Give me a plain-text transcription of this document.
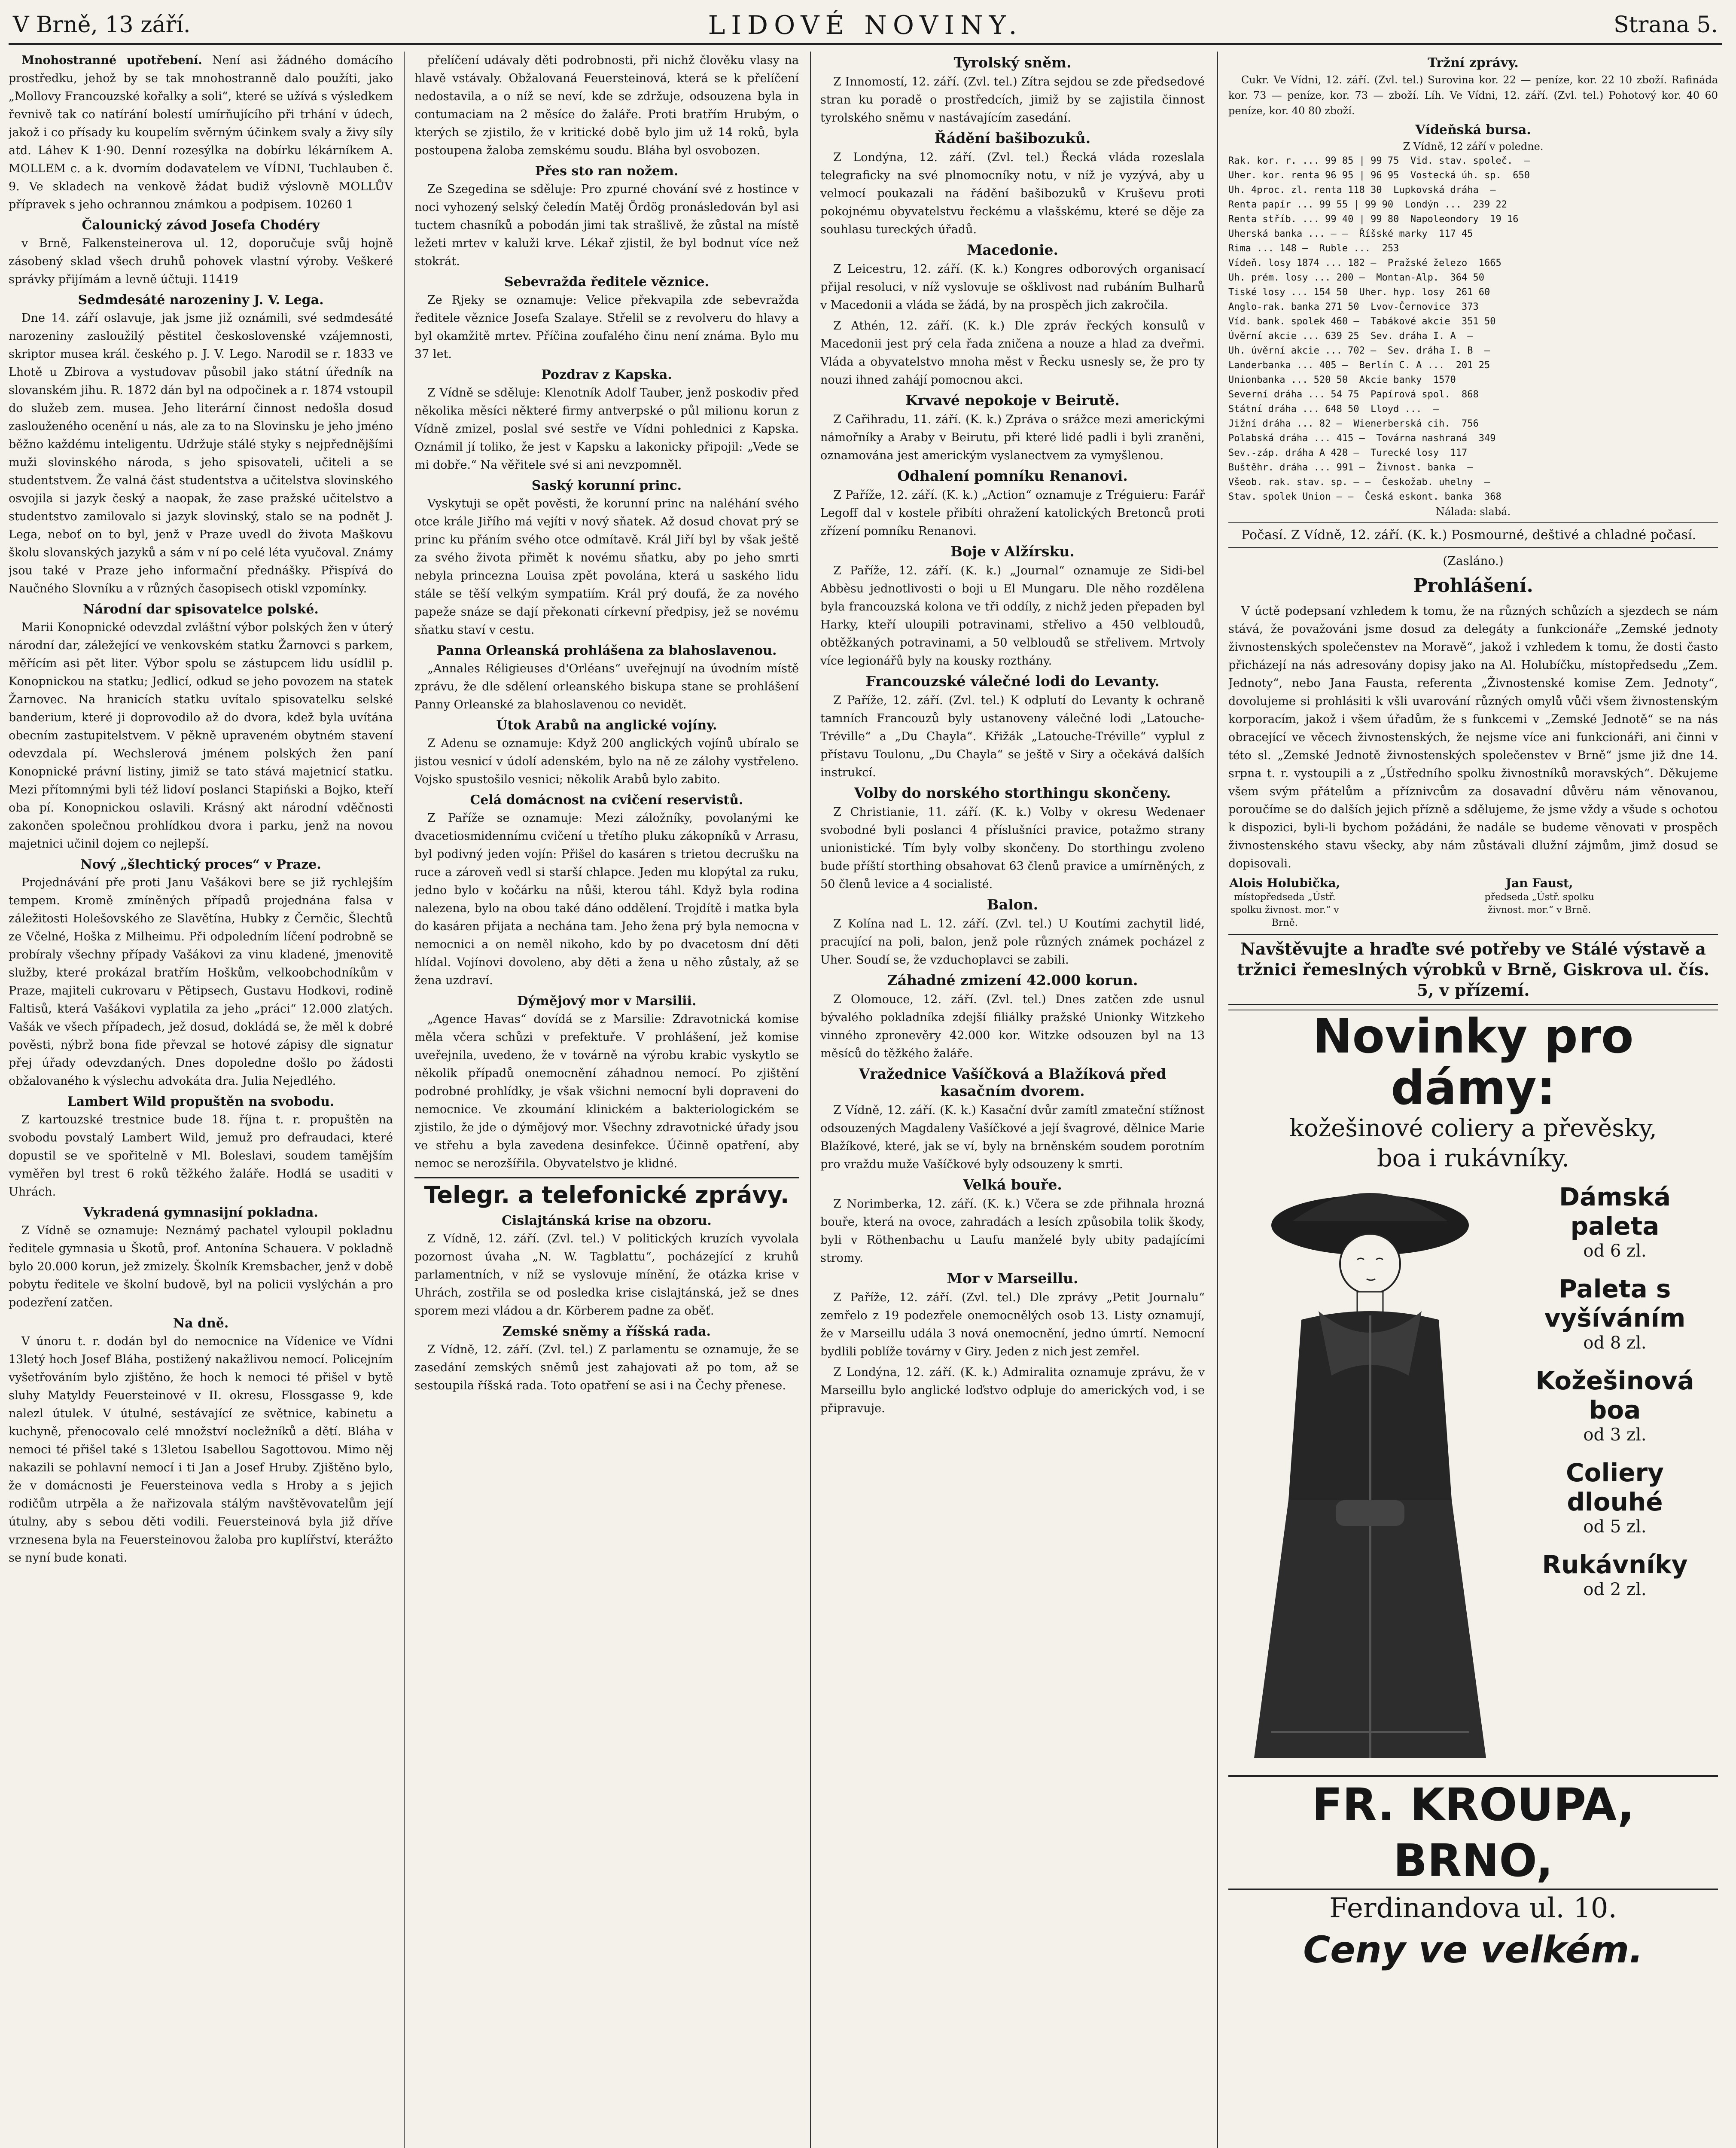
V Brně, 13 září.	LIDOVÉ NOVINY.	Strana 5.

Mnohostranné upotřebení. Není asi žádného domácího prostředku, jehož by se tak mnohostranně dalo použíti, jako „Mollovy Francouzské kořalky a soli“, které se užívá s výsledkem řevnivě tak co natírání bolestí umírňujícího při trhání v údech, jakož i co přísady ku koupelím svěrným účinkem svaly a živy síly atd. Láhev K 1·90. Denní rozesýlka na dobírku lékárníkem A. MOLLEM c. a k. dvorním dodavatelem ve VÍDNI, Tuchlauben č. 9. Ve skladech na venkově žádat budiž výslovně MOLLŮV přípravek s jeho ochrannou známkou a podpisem. 10260 1

Čalounický závod Josefa Chodéry

v Brně, Falkensteinerova ul. 12, doporučuje svůj hojně zásobený sklad všech druhů pohovek vlastní výroby. Veškeré správky přijímám a levně účtuji. 11419

Sedmdesáté narozeniny J. V. Lega.

Dne 14. září oslavuje, jak jsme již oznámili, své sedmdesáté narozeniny zasloužilý pěstitel československé vzájemnosti, skriptor musea král. českého p. J. V. Lego. Narodil se r. 1833 ve Lhotě u Zbirova a vystudovav působil jako státní úředník na slovanském jihu. R. 1872 dán byl na odpočinek a r. 1874 vstoupil do služeb zem. musea. Jeho literární činnost nedošla dosud zaslouženého ocenění u nás, ale za to na Slovinsku je jeho jméno běžno každému inteligentu. Udržuje stálé styky s nejpřednějšími muži slovinského národa, s jeho spisovateli, učiteli a se studentstvem. Že valná část studentstva a učitelstva slovinského osvojila si jazyk český a naopak, že zase pražské učitelstvo a studentstvo zamilovalo si jazyk slovinský, stalo se na podnět J. Lega, neboť on to byl, jenž v Praze uvedl do života Maškovu školu slovanských jazyků a sám v ní po celé léta vyučoval. Známy jsou také v Praze jeho informační přednášky. Přispívá do Naučného Slovníku a v různých časopisech otiskl vzpomínky.

Národní dar spisovatelce polské.

Marii Konopnické odevzdal zvláštní výbor polských žen v úterý národní dar, záležející ve venkovském statku Žarnovci s parkem, měřícím asi pět liter. Výbor spolu se zástupcem lidu usídlil p. Konopnickou na statku; Jedlicí, odkud se jeho povozem na statek Žarnovec. Na hranicích statku uvítalo spisovatelku selské banderium, které ji doprovodilo až do dvora, kdež byla uvítána obecním zastupitelstvem. V pěkně upraveném obytném stavení odevzdala pí. Wechslerová jménem polských žen paní Konopnické právní listiny, jimiž se tato stává majetnicí statku. Mezi přítomnými byli též lidoví poslanci Stapiński a Bojko, kteří oba pí. Konopnickou oslavili. Krásný akt národní vděčnosti zakončen společnou prohlídkou dvora i parku, jenž na novou majetnici učinil dojem co nejlepší.

Nový „šlechtický proces“ v Praze.

Projednávání pře proti Janu Vašákovi bere se již rychlejším tempem. Kromě zmíněných případů projednána falsa v záležitosti Holešovského ze Slavětína, Hubky z Černčic, Šlechtů ze Včelné, Hoška z Milheimu. Při odpoledním líčení podrobně se probíraly všechny případy Vašákovi za vinu kladené, jmenovitě služby, které prokázal bratřím Hoškům, velkoobchodníkům v Praze, majiteli cukrovaru v Pětipsech, Gustavu Hodkovi, rodině Faltisů, která Vašákovi vyplatila za jeho „práci“ 12.000 zlatých. Vašák ve všech případech, jež dosud, dokládá se, že měl k dobré pověsti, nýbrž bona fide převzal se hotové zápisy dle signatur přej úřady odevzdaných. Dnes dopoledne došlo po žádosti obžalovaného k výslechu advokáta dra. Julia Nejedlého.

Lambert Wild propuštěn na svobodu.

Z kartouzské trestnice bude 18. října t. r. propuštěn na svobodu povstalý Lambert Wild, jemuž pro defraudaci, které dopustil se ve spořitelně v Ml. Boleslavi, soudem tamějším vyměřen byl trest 6 roků těžkého žaláře. Hodlá se usaditi v Uhrách.

Vykradená gymnasijní pokladna.

Z Vídně se oznamuje: Neznámý pachatel vyloupil pokladnu ředitele gymnasia u Škotů, prof. Antonína Schauera. V pokladně bylo 20.000 korun, jež zmizely. Školník Kremsbacher, jenž v době pobytu ředitele ve školní budově, byl na policii vyslýchán a pro podezření zatčen.

Na dně.

V únoru t. r. dodán byl do nemocnice na Vídenice ve Vídni 13letý hoch Josef Bláha, postižený nakažlivou nemocí. Policejním vyšetřováním bylo zjištěno, že hoch k nemoci té přišel v bytě sluhy Matyldy Feuersteinové v II. okresu, Flossgasse 9, kde nalezl útulek. V útulné, sestávající ze světnice, kabinetu a kuchyně, přenocovalo celé množství nocležníků a dětí. Bláha v nemoci té přišel také s 13letou Isabellou Sagottovou. Mimo něj nakazili se pohlavní nemocí i ti Jan a Josef Hruby. Zjištěno bylo, že v domácnosti je Feuersteinova vedla s Hroby a s jejich rodičům utrpěla a že nařizovala stálým navštěvovatelům její útulny, aby s sebou děti vodili. Feuersteinová byla již dříve vrznesena byla na Feuersteinovou žaloba pro kuplířství, kterážto se nyní bude konati.

přelíčení udávaly děti podrobnosti, při nichž člověku vlasy na hlavě vstávaly. Obžalovaná Feuersteinová, která se k přelíčení nedostavila, a o níž se neví, kde se zdržuje, odsouzena byla in contumaciam na 2 měsíce do žaláře. Proti bratřím Hrubým, o kterých se zjistilo, že v kritické době bylo jim už 14 roků, byla postoupena žaloba zemskému soudu. Bláha byl osvobozen.

Přes sto ran nožem.

Ze Szegedina se sděluje: Pro zpurné chování své z hostince v noci vyhozený selský čeledín Matěj Ördög pronásledován byl asi tuctem chasníků a pobodán jimi tak strašlivě, že zůstal na místě ležeti mrtev v kaluži krve. Lékař zjistil, že byl bodnut více než stokrát.

Sebevražda ředitele věznice.

Ze Rjeky se oznamuje: Velice překvapila zde sebevražda ředitele věznice Josefa Szalaye. Střelil se z revolveru do hlavy a byl okamžitě mrtev. Příčina zoufalého činu není známa. Bylo mu 37 let.

Pozdrav z Kapska.

Z Vídně se sděluje: Klenotník Adolf Tauber, jenž poskodiv před několika měsíci některé firmy antverpské o půl milionu korun z Vídně zmizel, poslal své sestře ve Vídni pohlednici z Kapska. Oznámil jí toliko, že jest v Kapsku a lakonicky připojil: „Vede se mi dobře.“ Na věřitele své si ani nevzpomněl.

Saský korunní princ.

Vyskytuji se opět pověsti, že korunní princ na naléhání svého otce krále Jiřího má vejíti v nový sňatek. Až dosud chovat prý se princ ku přáním svého otce odmítavě. Král Jiří byl by však ještě za svého života přimět k novému sňatku, aby po jeho smrti nebyla princezna Louisa zpět povolána, která u saského lidu stále se těší velkým sympatiím. Král prý doufá, že za nového papeže snáze se dají překonati církevní předpisy, jež se novému sňatku staví v cestu.

Panna Orleanská prohlášena za blahoslavenou.

„Annales Réligieuses d'Orléans“ uveřejnují na úvodním místě zprávu, že dle sdělení orleanského biskupa stane se prohlášení Panny Orleanské za blahoslavenou co nevidět.

Útok Arabů na anglické vojíny.

Z Adenu se oznamuje: Když 200 anglických vojínů ubíralo se jistou vesnicí v údolí adenském, bylo na ně ze zálohy vystřeleno. Vojsko spustošilo vesnici; několik Arabů bylo zabito.

Celá domácnost na cvičení reservistů.

Z Paříže se oznamuje: Mezi záložníky, povolanými ke dvacetiosmidennímu cvičení u třetího pluku zákopníků v Arrasu, byl podivný jeden vojín: Přišel do kasáren s trietou decrušku na ruce a zároveň vedl si starší chlapce. Jeden mu klopýtal za ruku, jedno bylo v kočárku na nůši, kterou táhl. Když byla rodina nalezena, bylo na obou také dáno oddělení. Trojdítě i matka byla do kasáren přijata a nechána tam. Jeho žena prý byla nemocna v nemocnici a on neměl nikoho, kdo by po dvacetosm dní děti hlídal. Vojínovi dovoleno, aby děti a žena u něho zůstaly, až se žena uzdraví.

Dýmějový mor v Marsilii.

„Agence Havas“ dovídá se z Marsilie: Zdravotnická komise měla včera schůzi v prefektuře. V prohlášení, jež komise uveřejnila, uvedeno, že v továrně na výrobu krabic vyskytlo se několik případů onemocnění záhadnou nemocí. Po zjištění podrobné prohlídky, je však všichni nemocní byli dopraveni do nemocnice. Ve zkoumání klinickém a bakteriologickém se zjistilo, že jde o dýmějový mor. Všechny zdravotnické úřady jsou ve střehu a byla zavedena desinfekce. Účinně opatření, aby nemoc se nerozšířila. Obyvatelstvo je klidné.

Telegr. a telefonické zprávy.
Cislajtánská krise na obzoru.

Z Vídně, 12. září. (Zvl. tel.) V politických kruzích vyvolala pozornost úvaha „N. W. Tagblattu“, pocházející z kruhů parlamentních, v níž se vyslovuje mínění, že otázka krise v Uhrách, zostřila se od posledka krise cislajtánská, jež se dnes sporem mezi vládou a dr. Körberem padne za oběť.

Zemské sněmy a říšská rada.

Z Vídně, 12. září. (Zvl. tel.) Z parlamentu se oznamuje, že se zasedání zemských sněmů jest zahajovati až po tom, až se sestoupila říšská rada. Toto opatření se asi i na Čechy přenese.

Tyrolský sněm.

Z Innomostí, 12. září. (Zvl. tel.) Zítra sejdou se zde předsedové stran ku poradě o prostředcích, jimiž by se zajistila činnost tyrolského sněmu v nastávajícím zasedání.

Řádění bašibozuků.

Z Londýna, 12. září. (Zvl. tel.) Řecká vláda rozeslala telegraficky na své plnomocníky notu, v níž je vyzývá, aby u velmocí poukazali na řádění bašibozuků v Kruševu proti pokojnému obyvatelstvu řeckému a vlašskému, které se děje za souhlasu tureckých úřadů.

Macedonie.

Z Leicestru, 12. září. (K. k.) Kongres odborových organisací přijal resoluci, v níž vyslovuje se ošklivost nad rubáním Bulharů v Macedonii a vláda se žádá, by na prospěch jich zakročila.

Z Athén, 12. září. (K. k.) Dle zpráv řeckých konsulů v Macedonii jest prý cela řada zničena a nouze a hlad za dveřmi. Vláda a obyvatelstvo mnoha měst v Řecku usnesly se, že pro ty nouzi ihned zahájí pomocnou akci.

Krvavé nepokoje v Beirutě.

Z Cařihradu, 11. září. (K. k.) Zpráva o srážce mezi americkými námořníky a Araby v Beirutu, při které lidé padli i byli zraněni, oznamována jest americkým vyslanectvem za vymyšlenou.

Odhalení pomníku Renanovi.

Z Paříže, 12. září. (K. k.) „Action“ oznamuje z Tréguieru: Farář Legoff dal v kostele přibíti ohražení katolických Bretonců proti zřízení pomníku Renanovi.

Boje v Alžírsku.

Z Paříže, 12. září. (K. k.) „Journal“ oznamuje ze Sidi-bel Abbèsu jednotlivosti o boji u El Mungaru. Dle něho rozdělena byla francouzská kolona ve tři oddíly, z nichž jeden přepaden byl Harky, kteří uloupili potravinami, střelivo a 450 velbloudů, obtěžkaných potravinami, a 50 velbloudů se střelivem. Mrtvoly více legionářů byly na kousky rozthány.

Francouzské válečné lodi do Levanty.

Z Paříže, 12. září. (Zvl. tel.) K odplutí do Levanty k ochraně tamních Francouzů byly ustanoveny válečné lodi „Latouche-Tréville“ a „Du Chayla“. Křižák „Latouche-Tréville“ vyplul z přístavu Toulonu, „Du Chayla“ se ještě v Siry a očekává dalších instrukcí.

Volby do norského storthingu skončeny.

Z Christianie, 11. září. (K. k.) Volby v okresu Wedenaer svobodné byli poslanci 4 příslušníci pravice, potažmo strany unionistické. Tím byly volby skončeny. Do storthingu zvoleno bude příští storthing obsahovat 63 členů pravice a umírněných, z 50 členů levice a 4 socialisté.

Balon.

Z Kolína nad L. 12. září. (Zvl. tel.) U Koutími zachytil lidé, pracující na poli, balon, jenž pole různých známek pocházel z Uher. Soudí se, že vzduchoplavci se zabili.

Záhadné zmizení 42.000 korun.

Z Olomouce, 12. září. (Zvl. tel.) Dnes zatčen zde usnul bývalého pokladníka zdejší filiálky pražské Unionky Witzkeho vinného zpronevěry 42.000 kor. Witzke odsouzen byl na 13 měsíců do těžkého žaláře.

Vražednice Vašíčková a Blažíková před kasačním dvorem.

Z Vídně, 12. září. (K. k.) Kasační dvůr zamítl zmateční stížnost odsouzených Magdaleny Vašíčkové a její švagrové, dělnice Marie Blažíkové, které, jak se ví, byly na brněnském soudem porotním pro vraždu muže Vašíčkové byly odsouzeny k smrti.

Velká bouře.

Z Norimberka, 12. září. (K. k.) Včera se zde přihnala hrozná bouře, která na ovoce, zahradách a lesích způsobila tolik škody, byli v Röthenbachu u Laufu manželé byly ubity padajícími stromy.

Mor v Marseillu.

Z Paříže, 12. září. (Zvl. tel.) Dle zprávy „Petit Journalu“ zemřelo z 19 podezřele onemocnělých osob 13. Listy oznamují, že v Marseillu udála 3 nová onemocnění, jedno úmrtí. Nemocní bydlili poblíže továrny v Giry. Jeden z nich jest zemřel.

Z Londýna, 12. září. (K. k.) Admiralita oznamuje zprávu, že v Marseillu bylo anglické loďstvo odpluje do amerických vod, i se připravuje.

Tržní zprávy.

Cukr. Ve Vídni, 12. září. (Zvl. tel.) Surovina kor. 22 — peníze, kor. 22 10 zboží. Rafináda kor. 73 — peníze, kor. 73 — zboží. Líh. Ve Vídni, 12. září. (Zvl. tel.) Pohotový kor. 40 60 peníze, kor. 40 80 zboží.

Vídeňská bursa.
Z Vídně, 12 září v poledne.
Rak. kor. r. ... 99 85 | 99 75  Vid. stav. společ.  —
Uher. kor. renta 96 95 | 96 95  Vostecká úh. sp.  650
Uh. 4proc. zl. renta 118 30  Lupkovská dráha  —
Renta papír ... 99 55 | 99 90  Londýn ...  239 22
Renta stříb. ... 99 40 | 99 80  Napoleondory  19 16
Uherská banka ... — —  Říšské marky  117 45
Rima ... 148 —  Ruble ...  253
Vídeň. losy 1874 ... 182 —  Pražské železo  1665
Uh. prém. losy ... 200 —  Montan-Alp.  364 50
Tiské losy ... 154 50  Uher. hyp. losy  261 60
Anglo-rak. banka 271 50  Lvov-Černovice  373
Víd. bank. spolek 460 —  Tabákové akcie  351 50
Úvěrní akcie ... 639 25  Sev. dráha I. A  —
Uh. úvěrní akcie ... 702 —  Sev. dráha I. B  —
Landerbanka ... 405 —  Berlín C. A ...  201 25
Unionbanka ... 520 50  Akcie banky  1570
Severní dráha ... 54 75  Papírová spol.  868
Státní dráha ... 648 50  Lloyd ...  —
Jižní dráha ... 82 —  Wienerberská cih.  756
Polabská dráha ... 415 —  Továrna nashraná  349
Sev.-záp. dráha A 428 —  Turecké losy  117
Buštěhr. dráha ... 991 —  Živnost. banka  —
Všeob. rak. stav. sp. — —  Českožab. uhelny  —
Stav. spolek Union — —  Česká eskont. banka  368
Nálada: slabá.

Počasí. Z Vídně, 12. září. (K. k.) Posmourné, deštivé a chladné počasí.

(Zasláno.)
Prohlášení.

V úctě podepsaní vzhledem k tomu, že na různých schůzích a sjezdech se nám stává, že považováni jsme dosud za delegáty a funkcionáře „Zemské jednoty živnostenských společenstev na Moravě“, jakož i vzhledem k tomu, že dosti často přicházejí na nás adresovány dopisy jako na Al. Holubíčku, místopředsedu „Zem. Jednoty“, nebo Jana Fausta, referenta „Živnostenské komise Zem. Jednoty“, dovolujeme si prohlásiti k všli uvarování různých omylů vůči všem živnostenským korporacím, jakož i všem úřadům, že s funkcemi v „Zemské Jednotě“ se na nás obracející ve věcech živnostenských, že nejsme více ani funkcionáři, ani činni v této sl. „Zemské Jednotě živnostenských společenstev v Brně“ jsme již dne 14. srpna t. r. vystoupili a z „Ústředního spolku živnostníků moravských“. Děkujeme všem svým přátelům a příznivcům za dosavadní důvěru nám věnovanou, poroučíme se do dalších jejich přízně a sdělujeme, že jsme vždy a všude s ochotou k dispozici, byli-li bychom požádáni, že nadále se budeme věnovati v prospěch živnostenského stavu všecky, aby nám zůstávali dlužní zájmům, jimž dosud se dopisovali.

Alois Holubička,
místopředseda „Ústř. spolku živnost. mor.“ v Brně.
Jan Faust,
předseda „Ústř. spolku živnost. mor.“ v Brně.
Navštěvujte a hraďte své potřeby ve Stálé výstavě a tržnici řemeslných výrobků v Brně, Giskrova ul. čís. 5, v přízemí.
Novinky pro dámy:
kožešinové coliery a převěsky,
boa i rukávníky.
Dámská paleta
od 6 zl.
Paleta s vyšíváním
od 8 zl.
Kožešinová boa
od 3 zl.
Coliery dlouhé
od 5 zl.
Rukávníky
od 2 zl.
FR. KROUPA, BRNO,
Ferdinandova ul. 10.
Ceny ve velkém.
